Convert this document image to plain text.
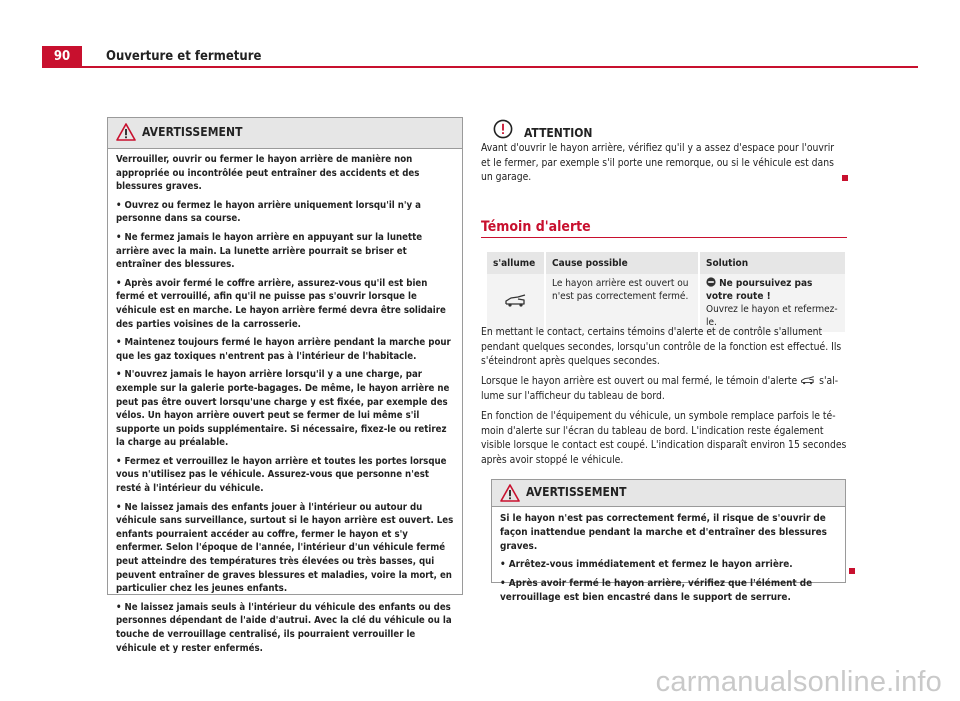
90	Ouverture et fermeture
AVERTISSEMENT

Verrouiller, ouvrir ou fermer le hayon arrière de manière non appropriée ou incontrôlée peut entraîner des accidents et des blessures graves.

• Ouvrez ou fermez le hayon arrière uniquement lorsqu'il n'y a personne dans sa course.

• Ne fermez jamais le hayon arrière en appuyant sur la lunette arrière avec la main. La lunette arrière pourrait se briser et entraîner des blessures.

• Après avoir fermé le coffre arrière, assurez-vous qu'il est bien fermé et verrouillé, afin qu'il ne puisse pas s'ouvrir lorsque le véhicule est en marche. Le hayon arrière fermé devra être solidaire des parties voisines de la carrosserie.

• Maintenez toujours fermé le hayon arrière pendant la marche pour que les gaz toxiques n'entrent pas à l'intérieur de l'habitacle.

• N'ouvrez jamais le hayon arrière lorsqu'il y a une charge, par exemple sur la galerie porte-bagages. De même, le hayon arrière ne peut pas être ouvert lorsqu'une charge y est fixée, par exemple des vélos. Un hayon arrière ouvert peut se fermer de lui même s'il supporte un poids supplémentaire. Si nécessaire, fixez-le ou retirez la charge au préalable.

• Fermez et verrouillez le hayon arrière et toutes les portes lorsque vous n'utilisez pas le véhicule. Assurez-vous que personne n'est resté à l'intérieur du véhicule.

• Ne laissez jamais des enfants jouer à l'intérieur ou autour du véhicule sans surveillance, surtout si le hayon arrière est ouvert. Les enfants pourraient accéder au coffre, fermer le hayon et s'y enfermer. Selon l'époque de l'année, l'intérieur d'un véhicule fermé peut atteindre des températures très élevées ou très basses, qui peuvent entraîner de graves blessures et maladies, voire la mort, en particulier chez les jeunes enfants.

• Ne laissez jamais seuls à l'intérieur du véhicule des enfants ou des personnes dépendant de l'aide d'autrui. Avec la clé du véhicule ou la touche de verrouillage centralisé, ils pourraient verrouiller le véhicule et y rester enfermés.

ATTENTION
Avant d'ouvrir le hayon arrière, vérifiez qu'il y a assez d'espace pour l'ouvrir et le fermer, par exemple s'il porte une remorque, ou si le véhicule est dans un garage.
Témoin d'alerte
s'allume	Cause possible	Solution
	Le hayon arrière est ouvert ou n'est pas correctement fermé.	Ne poursuivez pas votre route !
Ouvrez le hayon et refermez-le.

En mettant le contact, certains témoins d'alerte et de contrôle s'allument pendant quelques secondes, lorsqu'un contrôle de la fonction est effectué. Ils s'éteindront après quelques secondes.

Lorsque le hayon arrière est ouvert ou mal fermé, le témoin d'alerte s'allume sur l'afficheur du tableau de bord.

En fonction de l'équipement du véhicule, un symbole remplace parfois le témoin d'alerte sur l'écran du tableau de bord. L'indication reste également visible lorsque le contact est coupé. L'indication disparaît environ 15 secondes après avoir stoppé le véhicule.

AVERTISSEMENT

Si le hayon n'est pas correctement fermé, il risque de s'ouvrir de façon inattendue pendant la marche et d'entraîner des blessures graves.

• Arrêtez-vous immédiatement et fermez le hayon arrière.

• Après avoir fermé le hayon arrière, vérifiez que l'élément de verrouillage est bien encastré dans le support de serrure.

carmanualsonline.info
